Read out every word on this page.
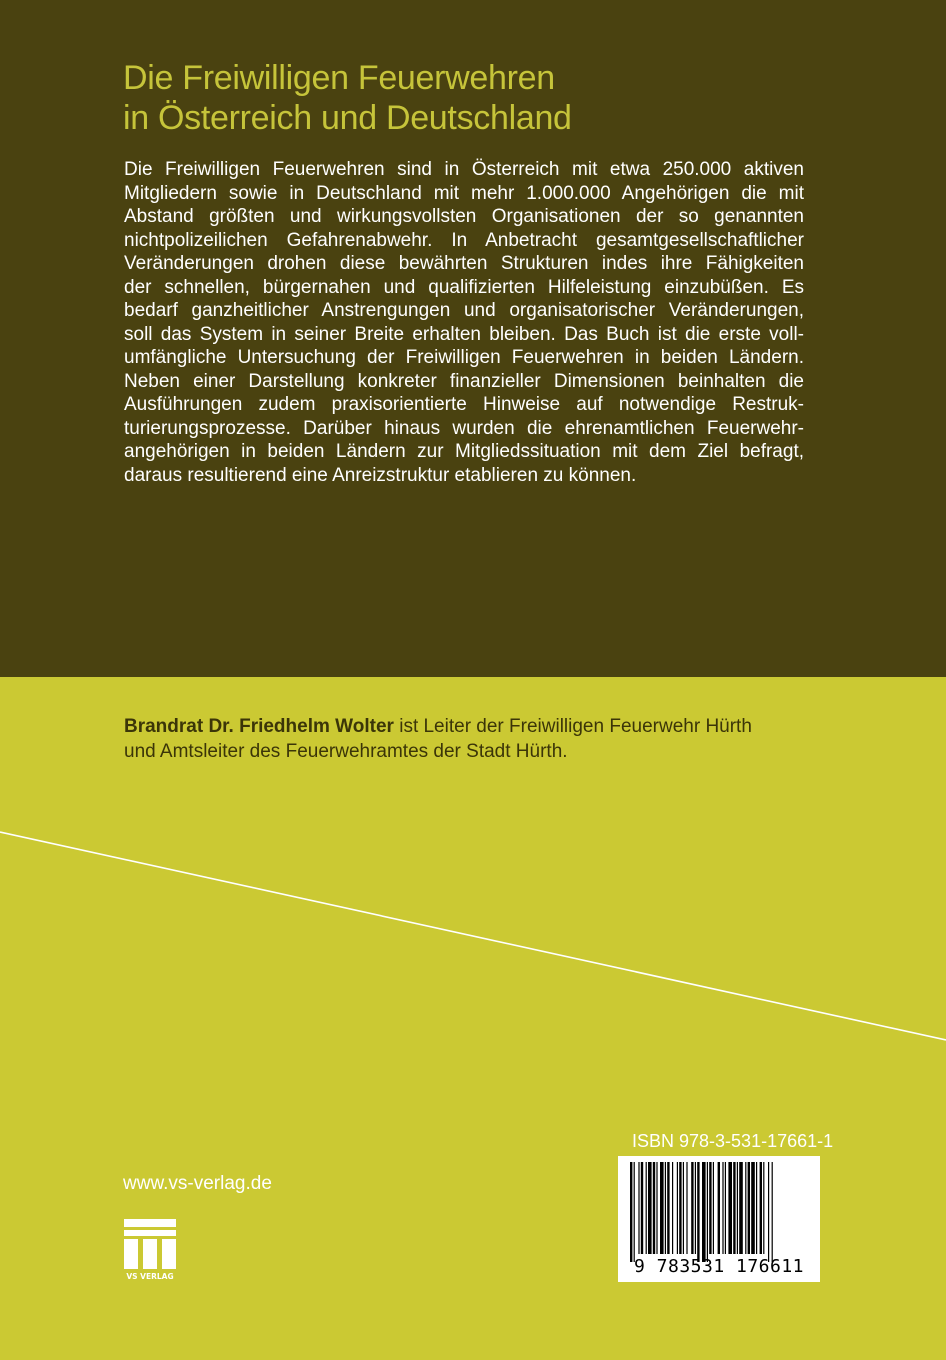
Die Freiwilligen Feuerwehren
in Österreich und Deutschland
Die Freiwilligen Feuerwehren sind in Österreich mit etwa 250.000 aktiven
Mitgliedern sowie in Deutschland mit mehr 1.000.000 Angehörigen die mit
Abstand größten und wirkungsvollsten Organisationen der so genannten
nichtpolizeilichen Gefahrenabwehr. In Anbetracht gesamtgesellschaftlicher
Veränderungen drohen diese bewährten Strukturen indes ihre Fähigkeiten
der schnellen, bürgernahen und qualifizierten Hilfeleistung einzubüßen. Es
bedarf ganzheitlicher Anstrengungen und organisatorischer Veränderungen,
soll das System in seiner Breite erhalten bleiben. Das Buch ist die erste voll-
umfängliche Untersuchung der Freiwilligen Feuerwehren in beiden Ländern.
Neben einer Darstellung konkreter finanzieller Dimensionen beinhalten die
Ausführungen zudem praxisorientierte Hinweise auf notwendige Restruk-
turierungsprozesse. Darüber hinaus wurden die ehrenamtlichen Feuerwehr-
angehörigen in beiden Ländern zur Mitgliedssituation mit dem Ziel befragt,
daraus resultierend eine Anreizstruktur etablieren zu können.
Brandrat Dr. Friedhelm Wolter ist Leiter der Freiwilligen Feuerwehr Hürth
und Amtsleiter des Feuerwehramtes der Stadt Hürth.
www.vs-verlag.de
VS VERLAG
ISBN 978-3-531-17661-1
9 783531 176611
